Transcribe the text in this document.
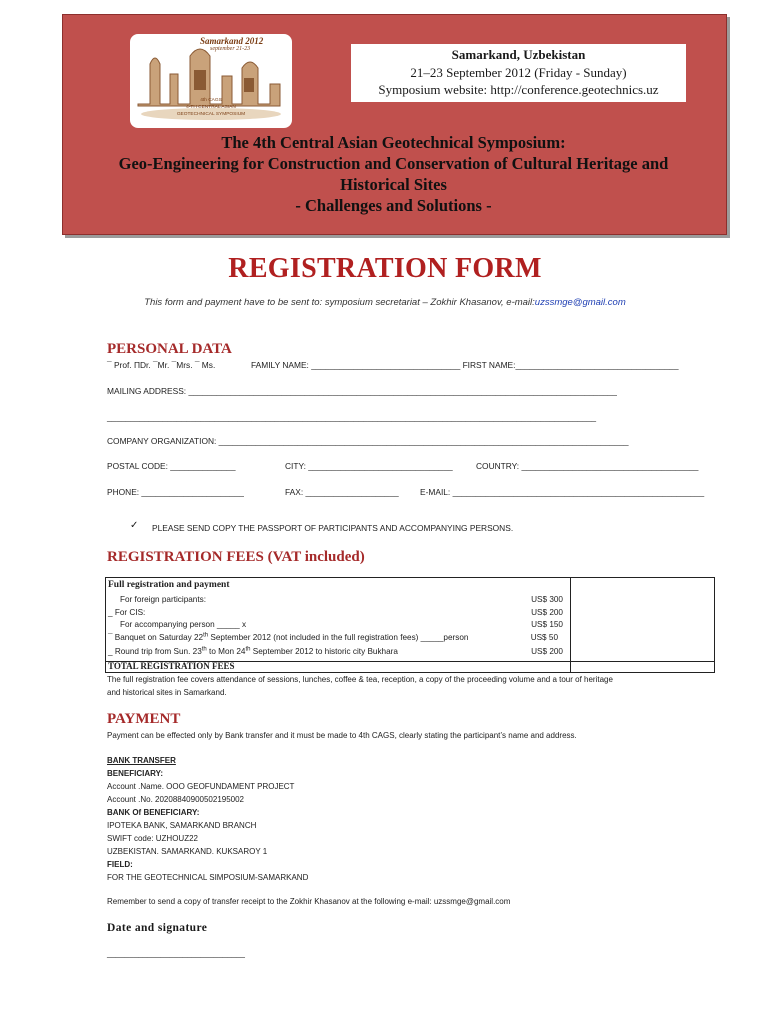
Samarkand 2012
september 21-23
4th CAGS
4-TH CENTRAL ASIAN
GEOTECHNICAL SYMPOSIUM
Samarkand, Uzbekistan
21–23 September 2012 (Friday - Sunday)
Symposium website: http://conference.geotechnics.uz
The 4th Central Asian Geotechnical Symposium:
Geo-Engineering for Construction and Conservation of Cultural Heritage and
Historical Sites
- Challenges and Solutions -
REGISTRATION FORM
This form and payment have to be sent to: symposium secretariat – Zokhir Khasanov, e-mail:uzssmge@gmail.com
PERSONAL DATA
¯ Prof. ΠDr. ¯Mr. ¯Mrs. ¯ Ms.	FAMILY NAME: ________________________________ FIRST NAME:___________________________________
MAILING ADDRESS: ____________________________________________________________________________________________
_________________________________________________________________________________________________________
COMPANY ORGANIZATION: ________________________________________________________________________________________
POSTAL CODE: ______________	CITY: _______________________________	COUNTRY: ______________________________________
PHONE: ______________________	FAX: ____________________	E-MAIL: ______________________________________________________
✓ PLEASE SEND COPY THE PASSPORT OF PARTICIPANTS AND ACCOMPANYING PERSONS.
REGISTRATION FEES (VAT included)
Full registration and payment
For foreign participants:	US$ 300
_ For CIS:	US$ 200
For accompanying person _____ x	US$ 150
¯ Banquet on Saturday 22th September 2012 (not included in the full registration fees) _____person	US$ 50
_ Round trip from Sun. 23th to Mon 24th September 2012 to historic city Bukhara	US$ 200
TOTAL REGISTRATION FEES
The full registration fee covers attendance of sessions, lunches, coffee & tea, reception, a copy of the proceeding volume and a tour of heritage
and historical sites in Samarkand.
PAYMENT
Payment can be effected only by Bank transfer and it must be made to 4th CAGS, clearly stating the participant’s name and address.
BANK TRANSFER
BENEFICIARY:
Account .Name. OOO GEOFUNDAMENT PROJECT
Account .No. 20208840900502195002
BANK Of BENEFICIARY:
IPOTEKA BANK, SAMARKAND BRANCH
SWIFT code: UZHOUZ22
UZBEKISTAN. SAMARKAND. KUKSAROY 1
FIELD:
FOR THE GEOTECHNICAL SIMPOSIUM-SAMARKAND
Remember to send a copy of transfer receipt to the Zokhir Khasanov at the following e-mail: uzssmge@gmail.com
Date and signature
_______________________________
